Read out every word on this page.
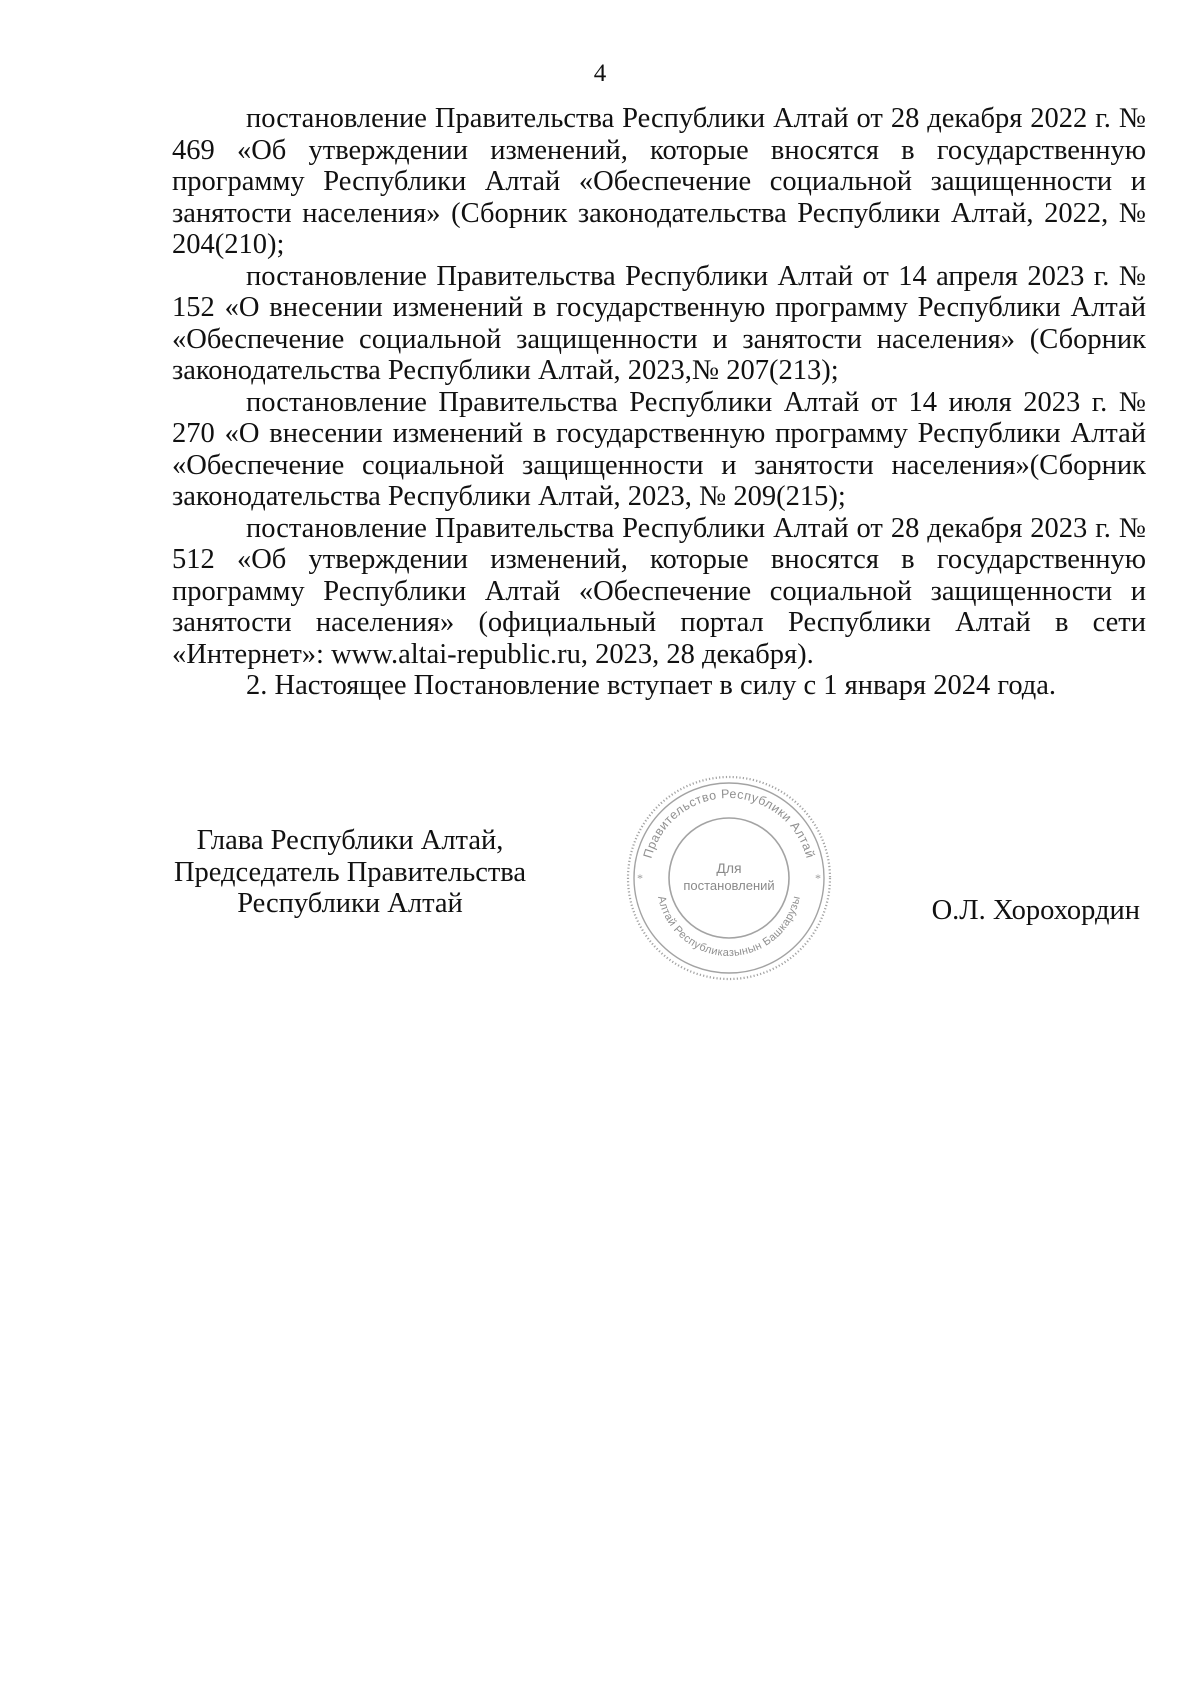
4

постановление Правительства Республики Алтай от 28 декабря 2022 г. № 469 «Об утверждении изменений, которые вносятся в государственную программу Республики Алтай «Обеспечение социальной защищенности и занятости населения» (Сборник законодательства Республики Алтай, 2022, № 204(210);

постановление Правительства Республики Алтай от 14 апреля 2023 г. № 152 «О внесении изменений в государственную программу Республики Алтай «Обеспечение социальной защищенности и занятости населения» (Сборник законодательства Республики Алтай, 2023,№ 207(213);

постановление Правительства Республики Алтай от 14 июля 2023 г. № 270 «О внесении изменений в государственную программу Республики Алтай «Обеспечение социальной защищенности и занятости населения»(Сборник законодательства Республики Алтай, 2023, № 209(215);

постановление Правительства Республики Алтай от 28 декабря 2023 г. № 512 «Об утверждении изменений, которые вносятся в государственную программу Республики Алтай «Обеспечение социальной защищенности и занятости населения» (официальный портал Республики Алтай в сети «Интернет»: www.altai-republic.ru, 2023, 28 декабря).

2. Настоящее Постановление вступает в силу с 1 января 2024 года.

Глава Республики Алтай,
Председатель Правительства
Республики Алтай
Правительство Республики Алтай
Алтай Республиказынын Башкарузы
*	*
Для
постановлений
О.Л. Хорохордин
